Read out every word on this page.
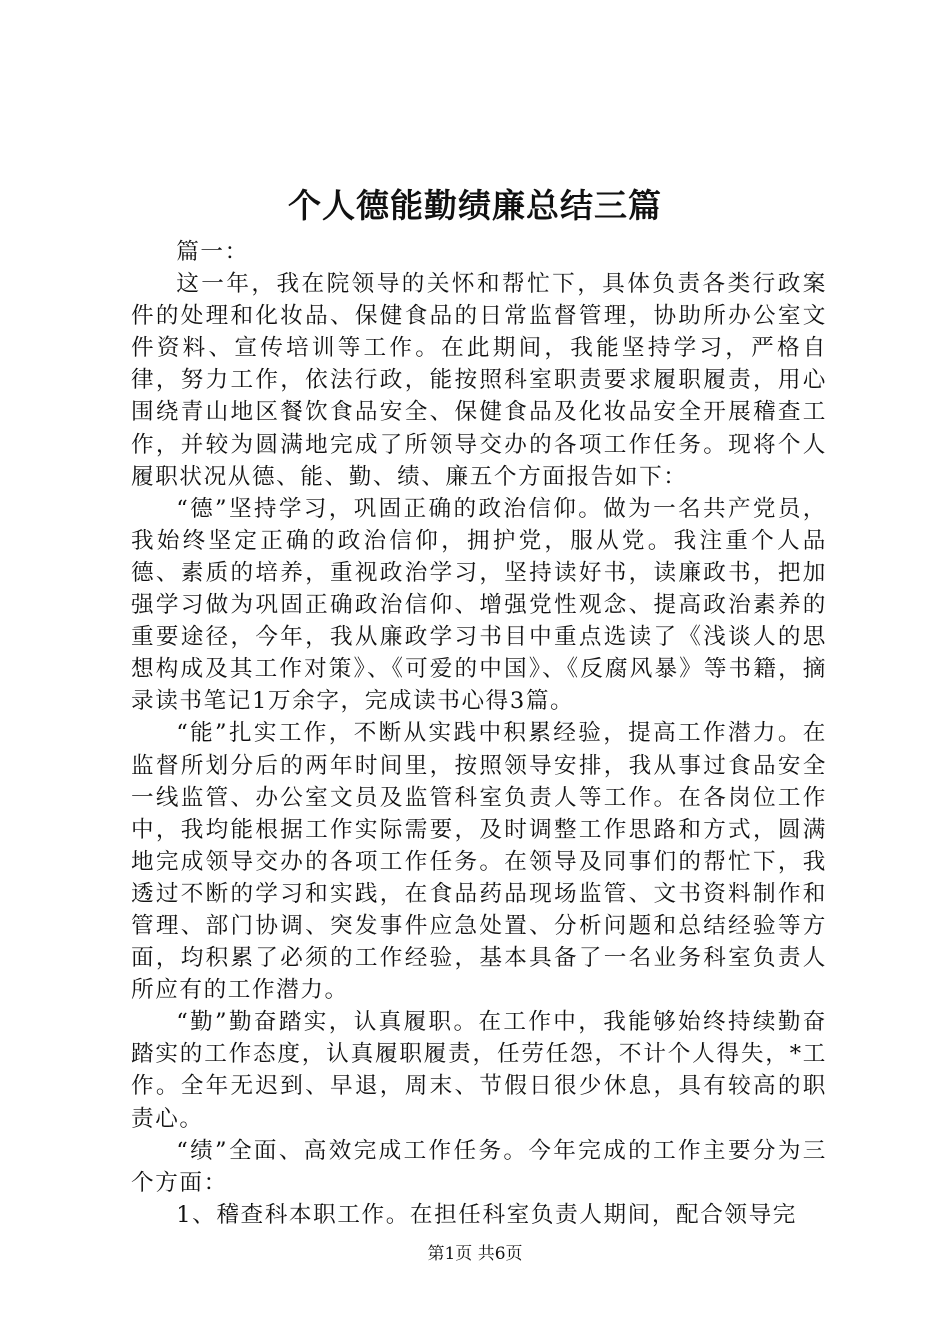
个人德能勤绩廉总结三篇

篇一：

这一年，我在院领导的关怀和帮忙下，具体负责各类行政案件的处理和化妆品、保健食品的日常监督管理，协助所办公室文件资料、宣传培训等工作。在此期间，我能坚持学习，严格自律，努力工作，依法行政，能按照科室职责要求履职履责，用心围绕青山地区餐饮食品安全、保健食品及化妆品安全开展稽查工作，并较为圆满地完成了所领导交办的各项工作任务。现将个人履职状况从德、能、勤、绩、廉五个方面报告如下：

“德”坚持学习，巩固正确的政治信仰。做为一名共产党员，我始终坚定正确的政治信仰，拥护党，服从党。我注重个人品德、素质的培养，重视政治学习，坚持读好书，读廉政书，把加强学习做为巩固正确政治信仰、增强党性观念、提高政治素养的重要途径，今年，我从廉政学习书目中重点选读了《浅谈人的思想构成及其工作对策》、《可爱的中国》、《反腐风暴》等书籍，摘录读书笔记1万余字，完成读书心得3篇。

“能”扎实工作，不断从实践中积累经验，提高工作潜力。在监督所划分后的两年时间里，按照领导安排，我从事过食品安全一线监管、办公室文员及监管科室负责人等工作。在各岗位工作中，我均能根据工作实际需要，及时调整工作思路和方式，圆满地完成领导交办的各项工作任务。在领导及同事们的帮忙下，我透过不断的学习和实践，在食品药品现场监管、文书资料制作和管理、部门协调、突发事件应急处置、分析问题和总结经验等方面，均积累了必须的工作经验，基本具备了一名业务科室负责人所应有的工作潜力。

“勤”勤奋踏实，认真履职。在工作中，我能够始终持续勤奋踏实的工作态度，认真履职履责，任劳任怨，不计个人得失，*工作。全年无迟到、早退，周末、节假日很少休息，具有较高的职责心。

“绩”全面、高效完成工作任务。今年完成的工作主要分为三个方面：

1、稽查科本职工作。在担任科室负责人期间，配合领导完

第1页 共6页
